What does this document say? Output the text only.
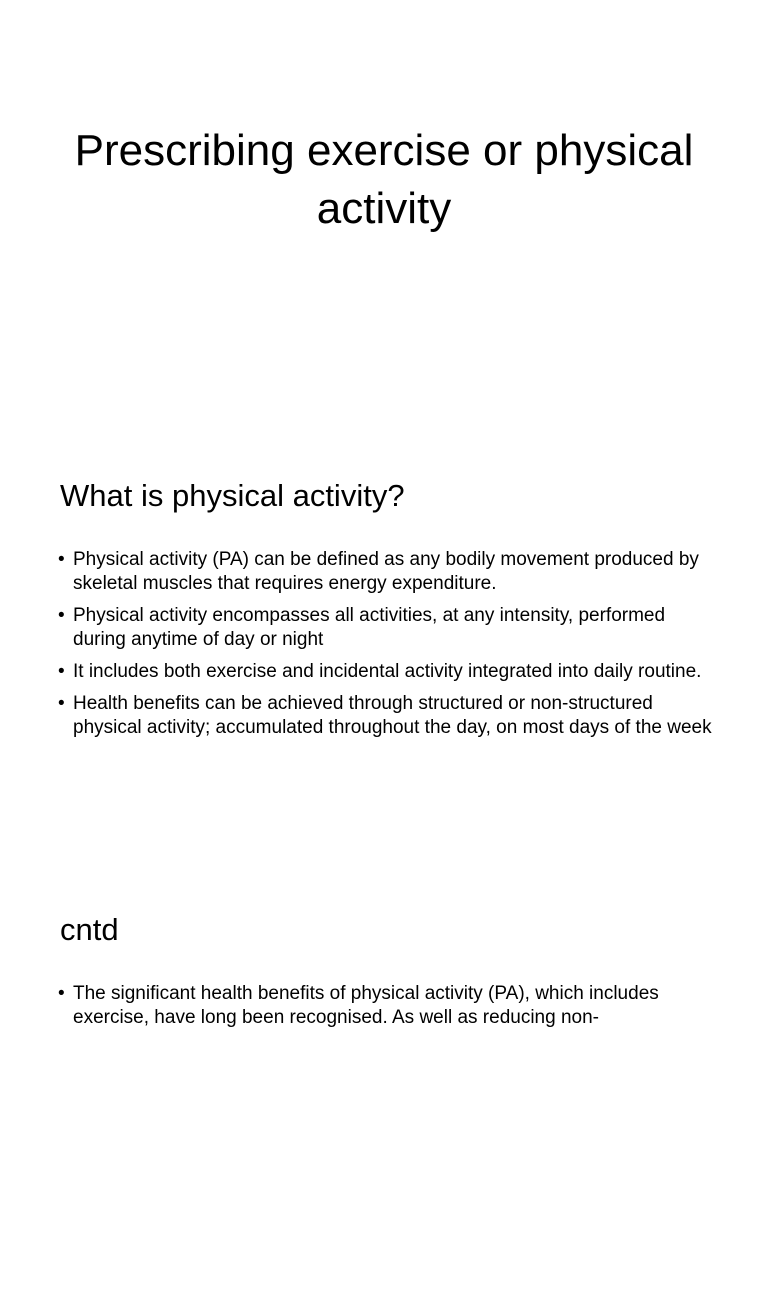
Prescribing exercise or physical activity
What is physical activity?
• Physical activity (PA) can be defined as any bodily movement produced by skeletal muscles that requires energy expenditure.
• Physical activity encompasses all activities, at any intensity, performed during anytime of day or night
• It includes both exercise and incidental activity integrated into daily routine.
• Health benefits can be achieved through structured or non-structured physical activity; accumulated throughout the day, on most days of the week
cntd
• The significant health benefits of physical activity (PA), which includes exercise, have long been recognised. As well as reducing non-
